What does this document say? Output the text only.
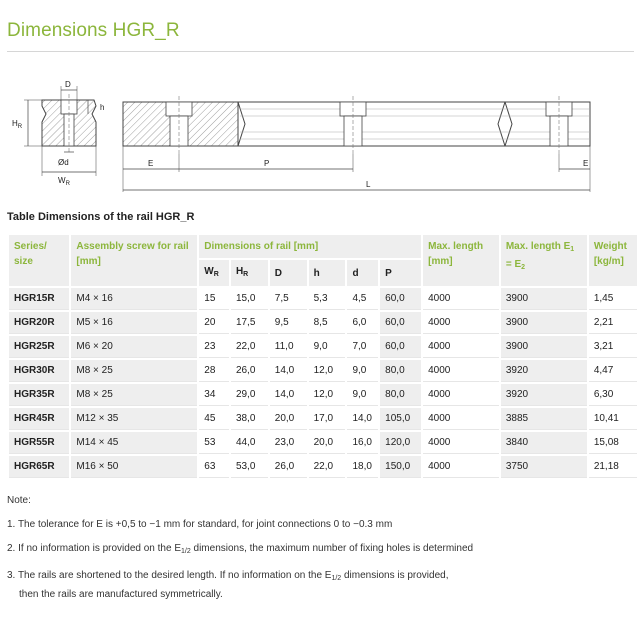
Dimensions HGR_R
D
$H_R$
h
Ød
$W_R$
E	P	E
L
Table Dimensions of the rail HGR_R
Series/ size	Assembly screw for rail [mm]	Dimensions of rail [mm]						Max. length [mm]	Max. length $E_1 = E_2$	Weight [kg/m]
		$W_R$	$H_R$	D	h	d	P			
HGR15R	M4 × 16	15	15,0	7,5	5,3	4,5	60,0	4000	3900	1,45
HGR20R	M5 × 16	20	17,5	9,5	8,5	6,0	60,0	4000	3900	2,21
HGR25R	M6 × 20	23	22,0	11,0	9,0	7,0	60,0	4000	3900	3,21
HGR30R	M8 × 25	28	26,0	14,0	12,0	9,0	80,0	4000	3920	4,47
HGR35R	M8 × 25	34	29,0	14,0	12,0	9,0	80,0	4000	3920	6,30
HGR45R	M12 × 35	45	38,0	20,0	17,0	14,0	105,0	4000	3885	10,41
HGR55R	M14 × 45	53	44,0	23,0	20,0	16,0	120,0	4000	3840	15,08
HGR65R	M16 × 50	63	53,0	26,0	22,0	18,0	150,0	4000	3750	21,18
Note:
1. The tolerance for E is +0,5 to −1 mm for standard, for joint connections 0 to −0.3 mm
2. If no information is provided on the $E_{1/2}$ dimensions, the maximum number of fixing holes is determined
3. The rails are shortened to the desired length. If no information on the $E_{1/2}$ dimensions is provided,
then the rails are manufactured symmetrically.
